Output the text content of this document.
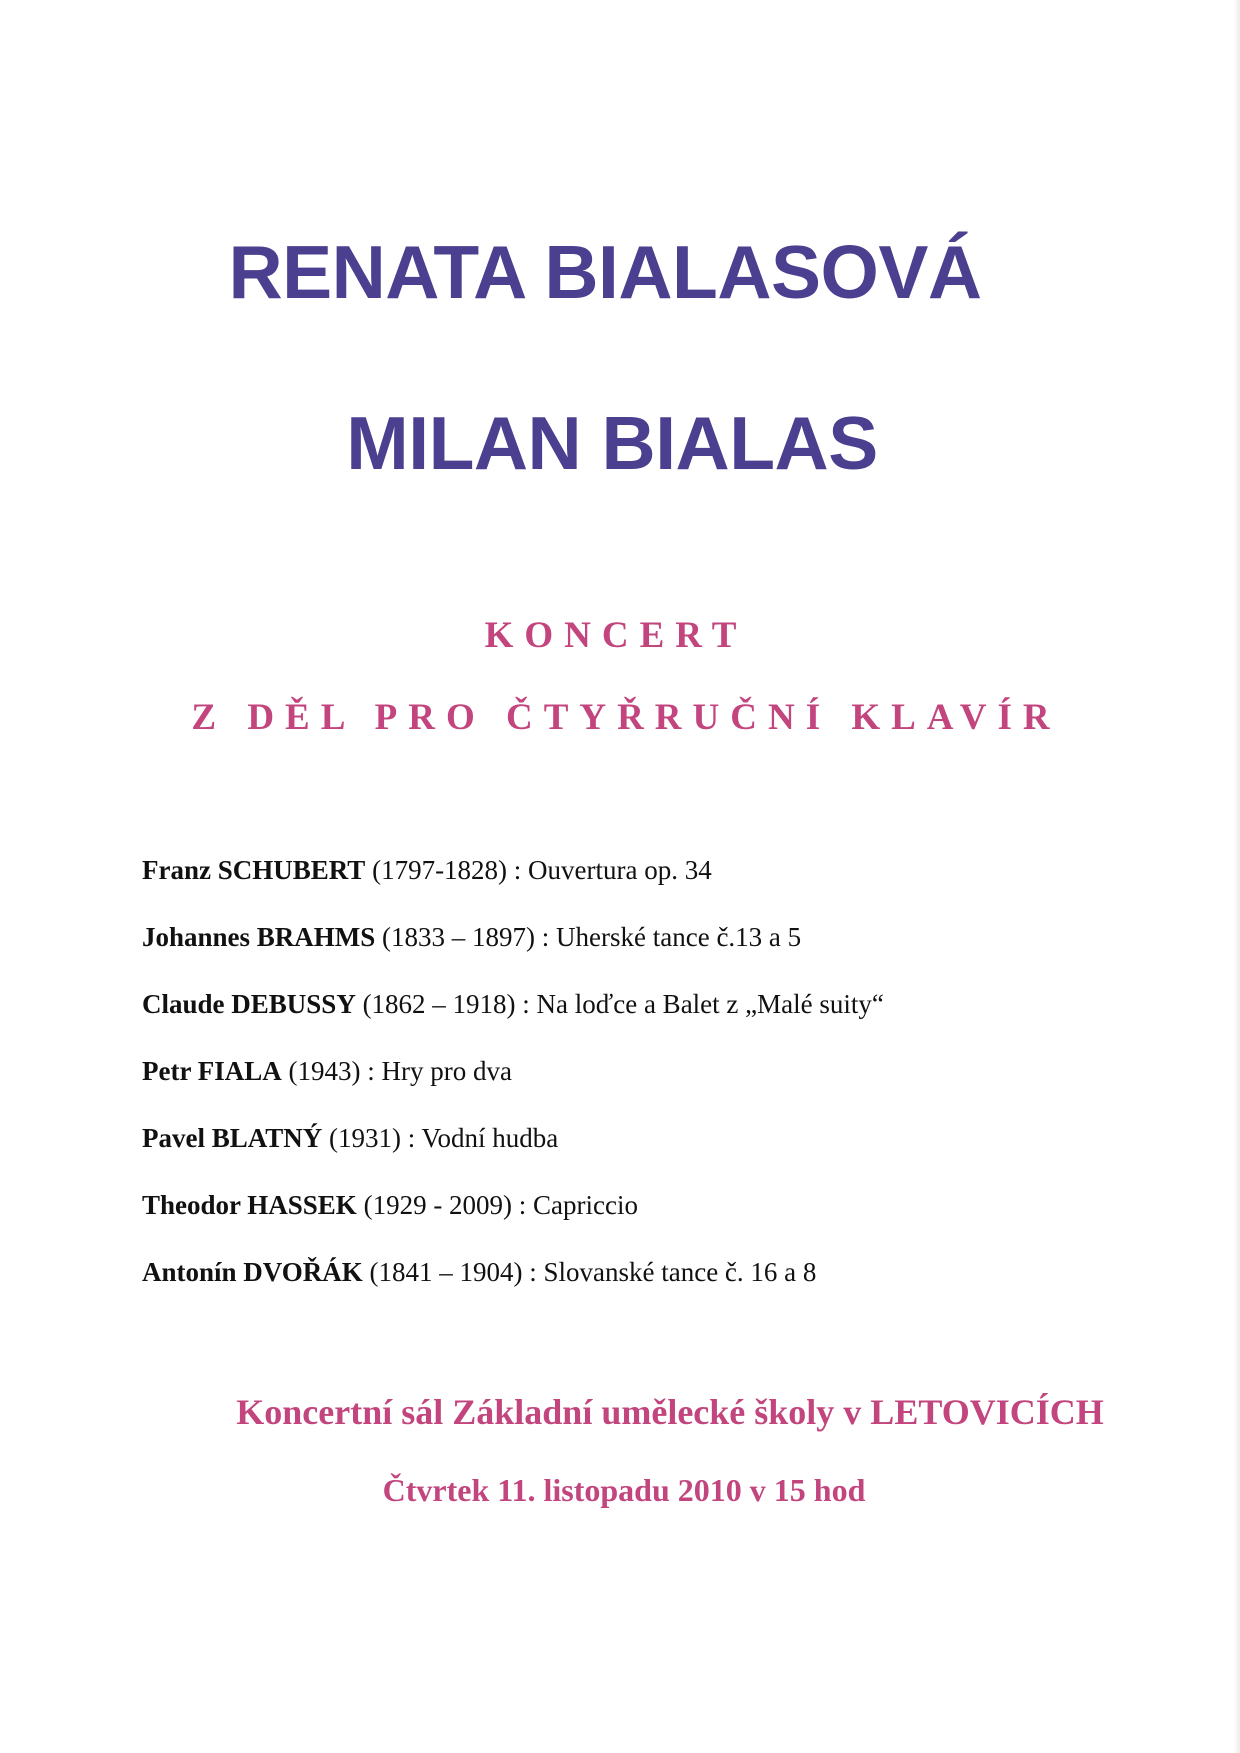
RENATA BIALASOVÁ
MILAN BIALAS
KONCERT
Z DĚL PRO ČTYŘRUČNÍ KLAVÍR
Franz SCHUBERT (1797-1828) : Ouvertura op. 34
Johannes BRAHMS (1833 – 1897) : Uherské tance č.13 a 5
Claude DEBUSSY (1862 – 1918) : Na loďce a Balet z „Malé suity“
Petr FIALA (1943) : Hry pro dva
Pavel BLATNÝ (1931) : Vodní hudba
Theodor HASSEK (1929 - 2009) : Capriccio
Antonín DVOŘÁK (1841 – 1904) : Slovanské tance č. 16 a 8
Koncertní sál Základní umělecké školy v LETOVICÍCH
Čtvrtek 11. listopadu 2010 v 15 hod
